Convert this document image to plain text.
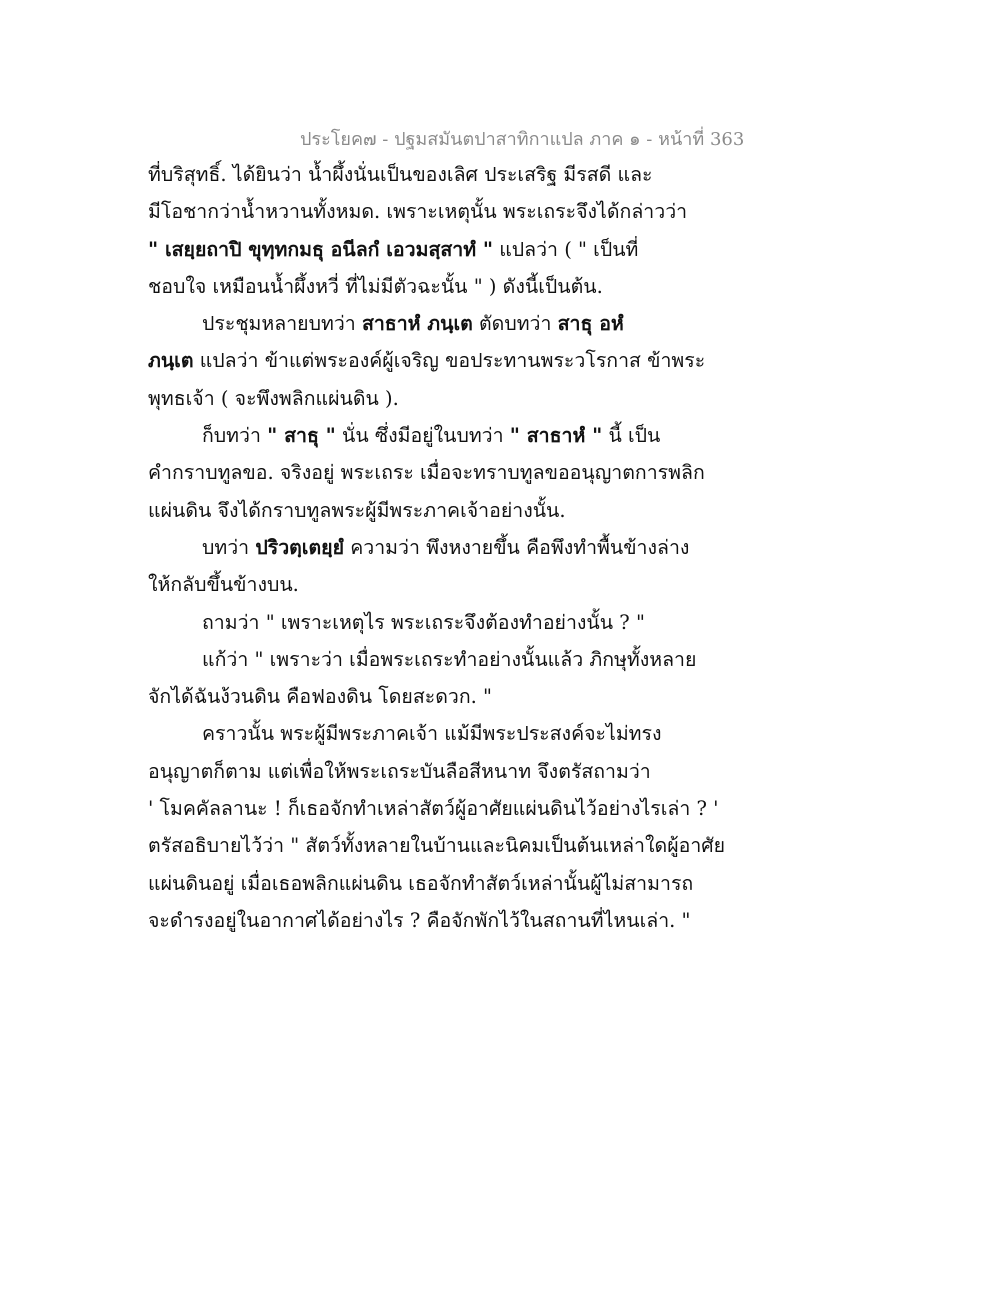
ประโยค๗ - ปฐมสมันตปาสาทิกาแปล ภาค ๑ - หน้าที่ 363
ที่บริสุทธิ์. ได้ยินว่า น้ำผึ้งนั่นเป็นของเลิศ ประเสริฐ มีรสดี และ
มีโอชากว่าน้ำหวานทั้งหมด. เพราะเหตุนั้น พระเถระจึงได้กล่าวว่า
" เสยฺยถาปิ ขุทฺทกมธุ อนีลกํ เอวมสฺสาทํ " แปลว่า ( " เป็นที่
ชอบใจ เหมือนน้ำผึ้งหวี่ ที่ไม่มีตัวฉะนั้น " ) ดังนี้เป็นต้น.
ประชุมหลายบทว่า สาธาหํ ภนฺเต ตัดบทว่า สาธุ อหํ
ภนฺเต แปลว่า ข้าแต่พระองค์ผู้เจริญ ขอประทานพระวโรกาส ข้าพระ
พุทธเจ้า ( จะพึงพลิกแผ่นดิน ).
ก็บทว่า " สาธุ " นั่น ซึ่งมีอยู่ในบทว่า " สาธาหํ " นี้ เป็น
คำกราบทูลขอ. จริงอยู่ พระเถระ เมื่อจะทราบทูลขออนุญาตการพลิก
แผ่นดิน จึงได้กราบทูลพระผู้มีพระภาคเจ้าอย่างนั้น.
บทว่า ปริวตฺเตยฺยํ ความว่า พึงหงายขึ้น คือพึงทำพื้นข้างล่าง
ให้กลับขึ้นข้างบน.
ถามว่า " เพราะเหตุไร พระเถระจึงต้องทำอย่างนั้น ? "
แก้ว่า " เพราะว่า เมื่อพระเถระทำอย่างนั้นแล้ว ภิกษุทั้งหลาย
จักได้ฉันง้วนดิน คือฟองดิน โดยสะดวก. "
คราวนั้น พระผู้มีพระภาคเจ้า แม้มีพระประสงค์จะไม่ทรง
อนุญาตก็ตาม แต่เพื่อให้พระเถระบันลือสีหนาท จึงตรัสถามว่า
' โมคคัลลานะ ! ก็เธอจักทำเหล่าสัตว์ผู้อาศัยแผ่นดินไว้อย่างไรเล่า ? '
ตรัสอธิบายไว้ว่า " สัตว์ทั้งหลายในบ้านและนิคมเป็นต้นเหล่าใดผู้อาศัย
แผ่นดินอยู่ เมื่อเธอพลิกแผ่นดิน เธอจักทำสัตว์เหล่านั้นผู้ไม่สามารถ
จะดำรงอยู่ในอากาศได้อย่างไร ? คือจักพักไว้ในสถานที่ไหนเล่า. "
